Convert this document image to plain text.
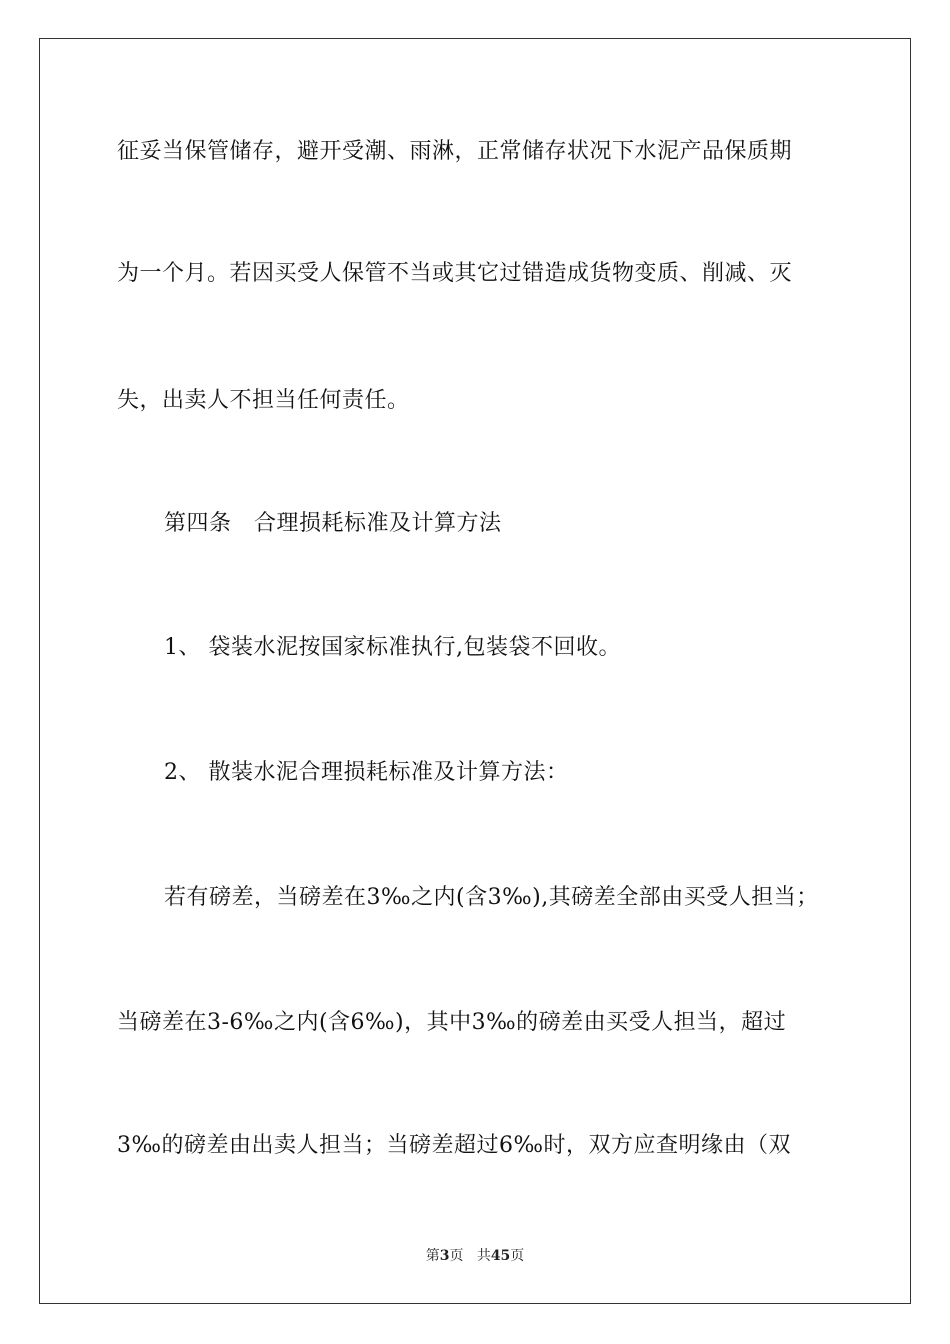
征妥当保管储存，避开受潮、雨淋，正常储存状况下水泥产品保质期
为一个月。若因买受人保管不当或其它过错造成货物变质、削减、灭
失，出卖人不担当任何责任。
第四条　合理损耗标准及计算方法
1、 袋装水泥按国家标准执行,包装袋不回收。
2、 散装水泥合理损耗标准及计算方法：
若有磅差，当磅差在3‰之内(含3‰),其磅差全部由买受人担当；
当磅差在3-6‰之内(含6‰)，其中3‰的磅差由买受人担当，超过
3‰的磅差由出卖人担当；当磅差超过6‰时，双方应查明缘由（双
第3页 共45页
